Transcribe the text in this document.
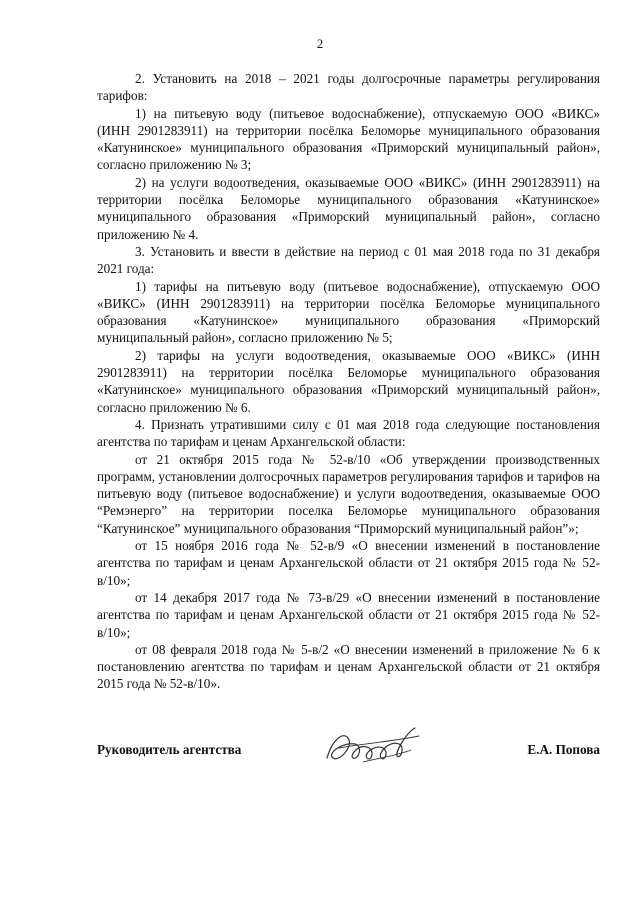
2

2. Установить на 2018 – 2021 годы долгосрочные параметры регулирования тарифов:

1) на питьевую воду (питьевое водоснабжение), отпускаемую ООО «ВИКС» (ИНН 2901283911) на территории посёлка Беломорье муниципального образования «Катунинское» муниципального образования «Приморский муниципальный район», согласно приложению № 3;

2) на услуги водоотведения, оказываемые ООО «ВИКС» (ИНН 2901283911) на территории посёлка Беломорье муниципального образования «Катунинское» муниципального образования «Приморский муниципальный район», согласно приложению № 4.

3. Установить и ввести в действие на период с 01 мая 2018 года по 31 декабря 2021 года:

1) тарифы на питьевую воду (питьевое водоснабжение), отпускаемую ООО «ВИКС» (ИНН 2901283911) на территории посёлка Беломорье муниципального образования «Катунинское» муниципального образования «Приморский муниципальный район», согласно приложению № 5;

2) тарифы на услуги водоотведения, оказываемые ООО «ВИКС» (ИНН 2901283911) на территории посёлка Беломорье муниципального образования «Катунинское» муниципального образования «Приморский муниципальный район», согласно приложению № 6.

4. Признать утратившими силу с 01 мая 2018 года следующие постановления агентства по тарифам и ценам Архангельской области:

от 21 октября 2015 года № 52-в/10 «Об утверждении производственных программ, установлении долгосрочных параметров регулирования тарифов и тарифов на питьевую воду (питьевое водоснабжение) и услуги водоотведения, оказываемые ООО “Ремэнерго” на территории поселка Беломорье муниципального образования “Катунинское” муниципального образования “Приморский муниципальный район”»;

от 15 ноября 2016 года № 52-в/9 «О внесении изменений в постановление агентства по тарифам и ценам Архангельской области от 21 октября 2015 года № 52-в/10»;

от 14 декабря 2017 года № 73-в/29 «О внесении изменений в постановление агентства по тарифам и ценам Архангельской области от 21 октября 2015 года № 52-в/10»;

от 08 февраля 2018 года № 5-в/2 «О внесении изменений в приложение № 6 к постановлению агентства по тарифам и ценам Архангельской области от 21 октября 2015 года № 52-в/10».

Руководитель агентства	Е.А. Попова
